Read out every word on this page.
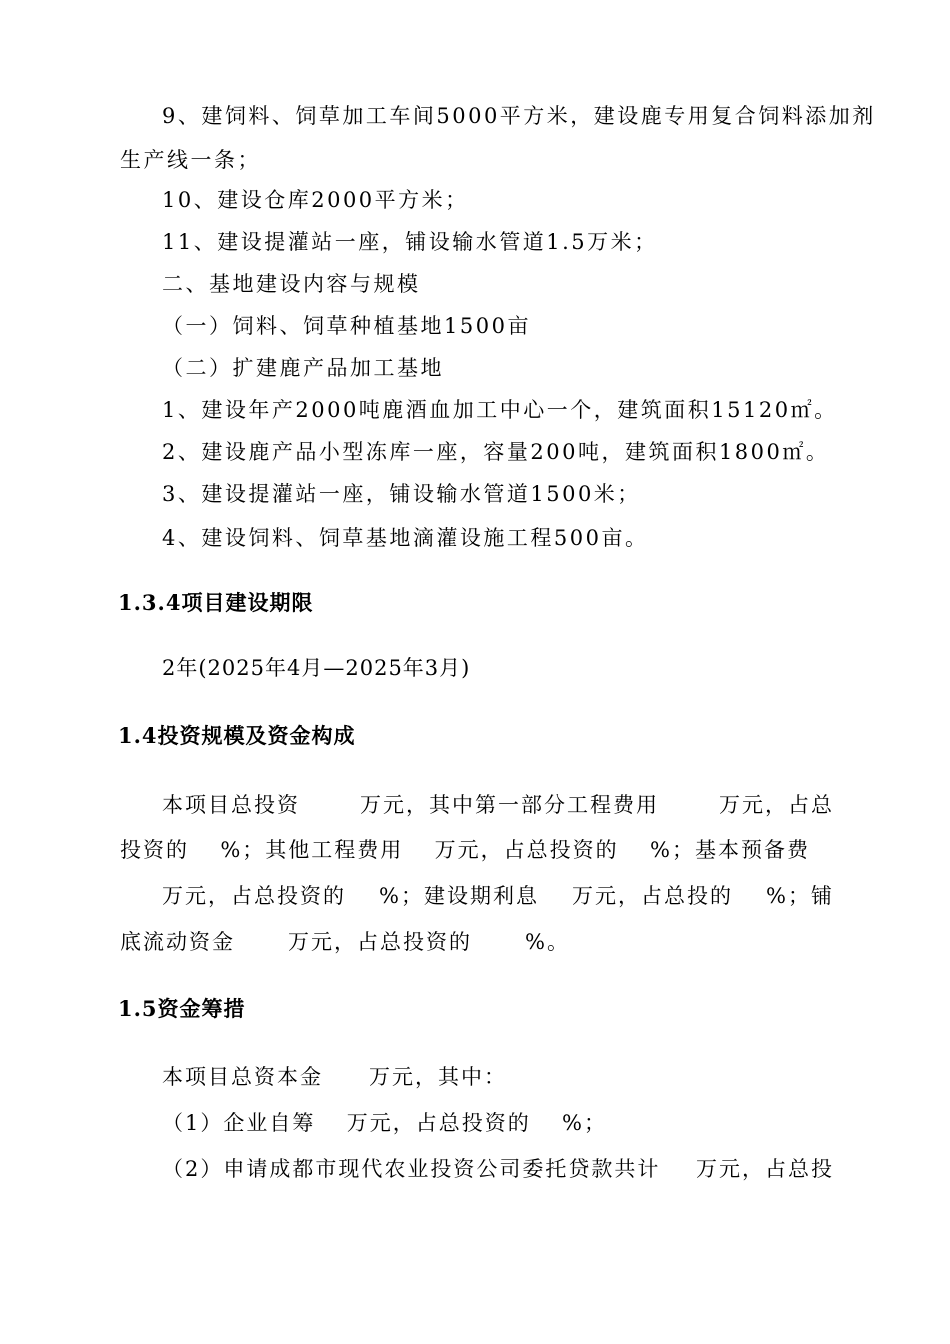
9、建饲料、饲草加工车间5000平方米，建设鹿专用复合饲料添加剂
生产线一条；
10、建设仓库2000平方米；
11、建设提灌站一座，铺设输水管道1.5万米；
二、基地建设内容与规模
（一）饲料、饲草种植基地1500亩
（二）扩建鹿产品加工基地
1、建设年产2000吨鹿酒血加工中心一个，建筑面积15120㎡。
2、建设鹿产品小型冻库一座，容量200吨，建筑面积1800㎡。
3、建设提灌站一座，铺设输水管道1500米；
4、建设饲料、饲草基地滴灌设施工程500亩。
1.3.4项目建设期限
2年(2025年4月—2025年3月)
1.4投资规模及资金构成
本项目总投资	万元，其中第一部分工程费用	万元，占总
投资的 %；其他工程费用 万元，占总投资的 %；基本预备费
万元，占总投资的 %；建设期利息 万元，占总投的 %；铺
底流动资金	万元，占总投资的	%。
1.5资金筹措
本项目总资本金 万元，其中：
（1）企业自筹 万元，占总投资的 %；
（2）申请成都市现代农业投资公司委托贷款共计 万元，占总投
